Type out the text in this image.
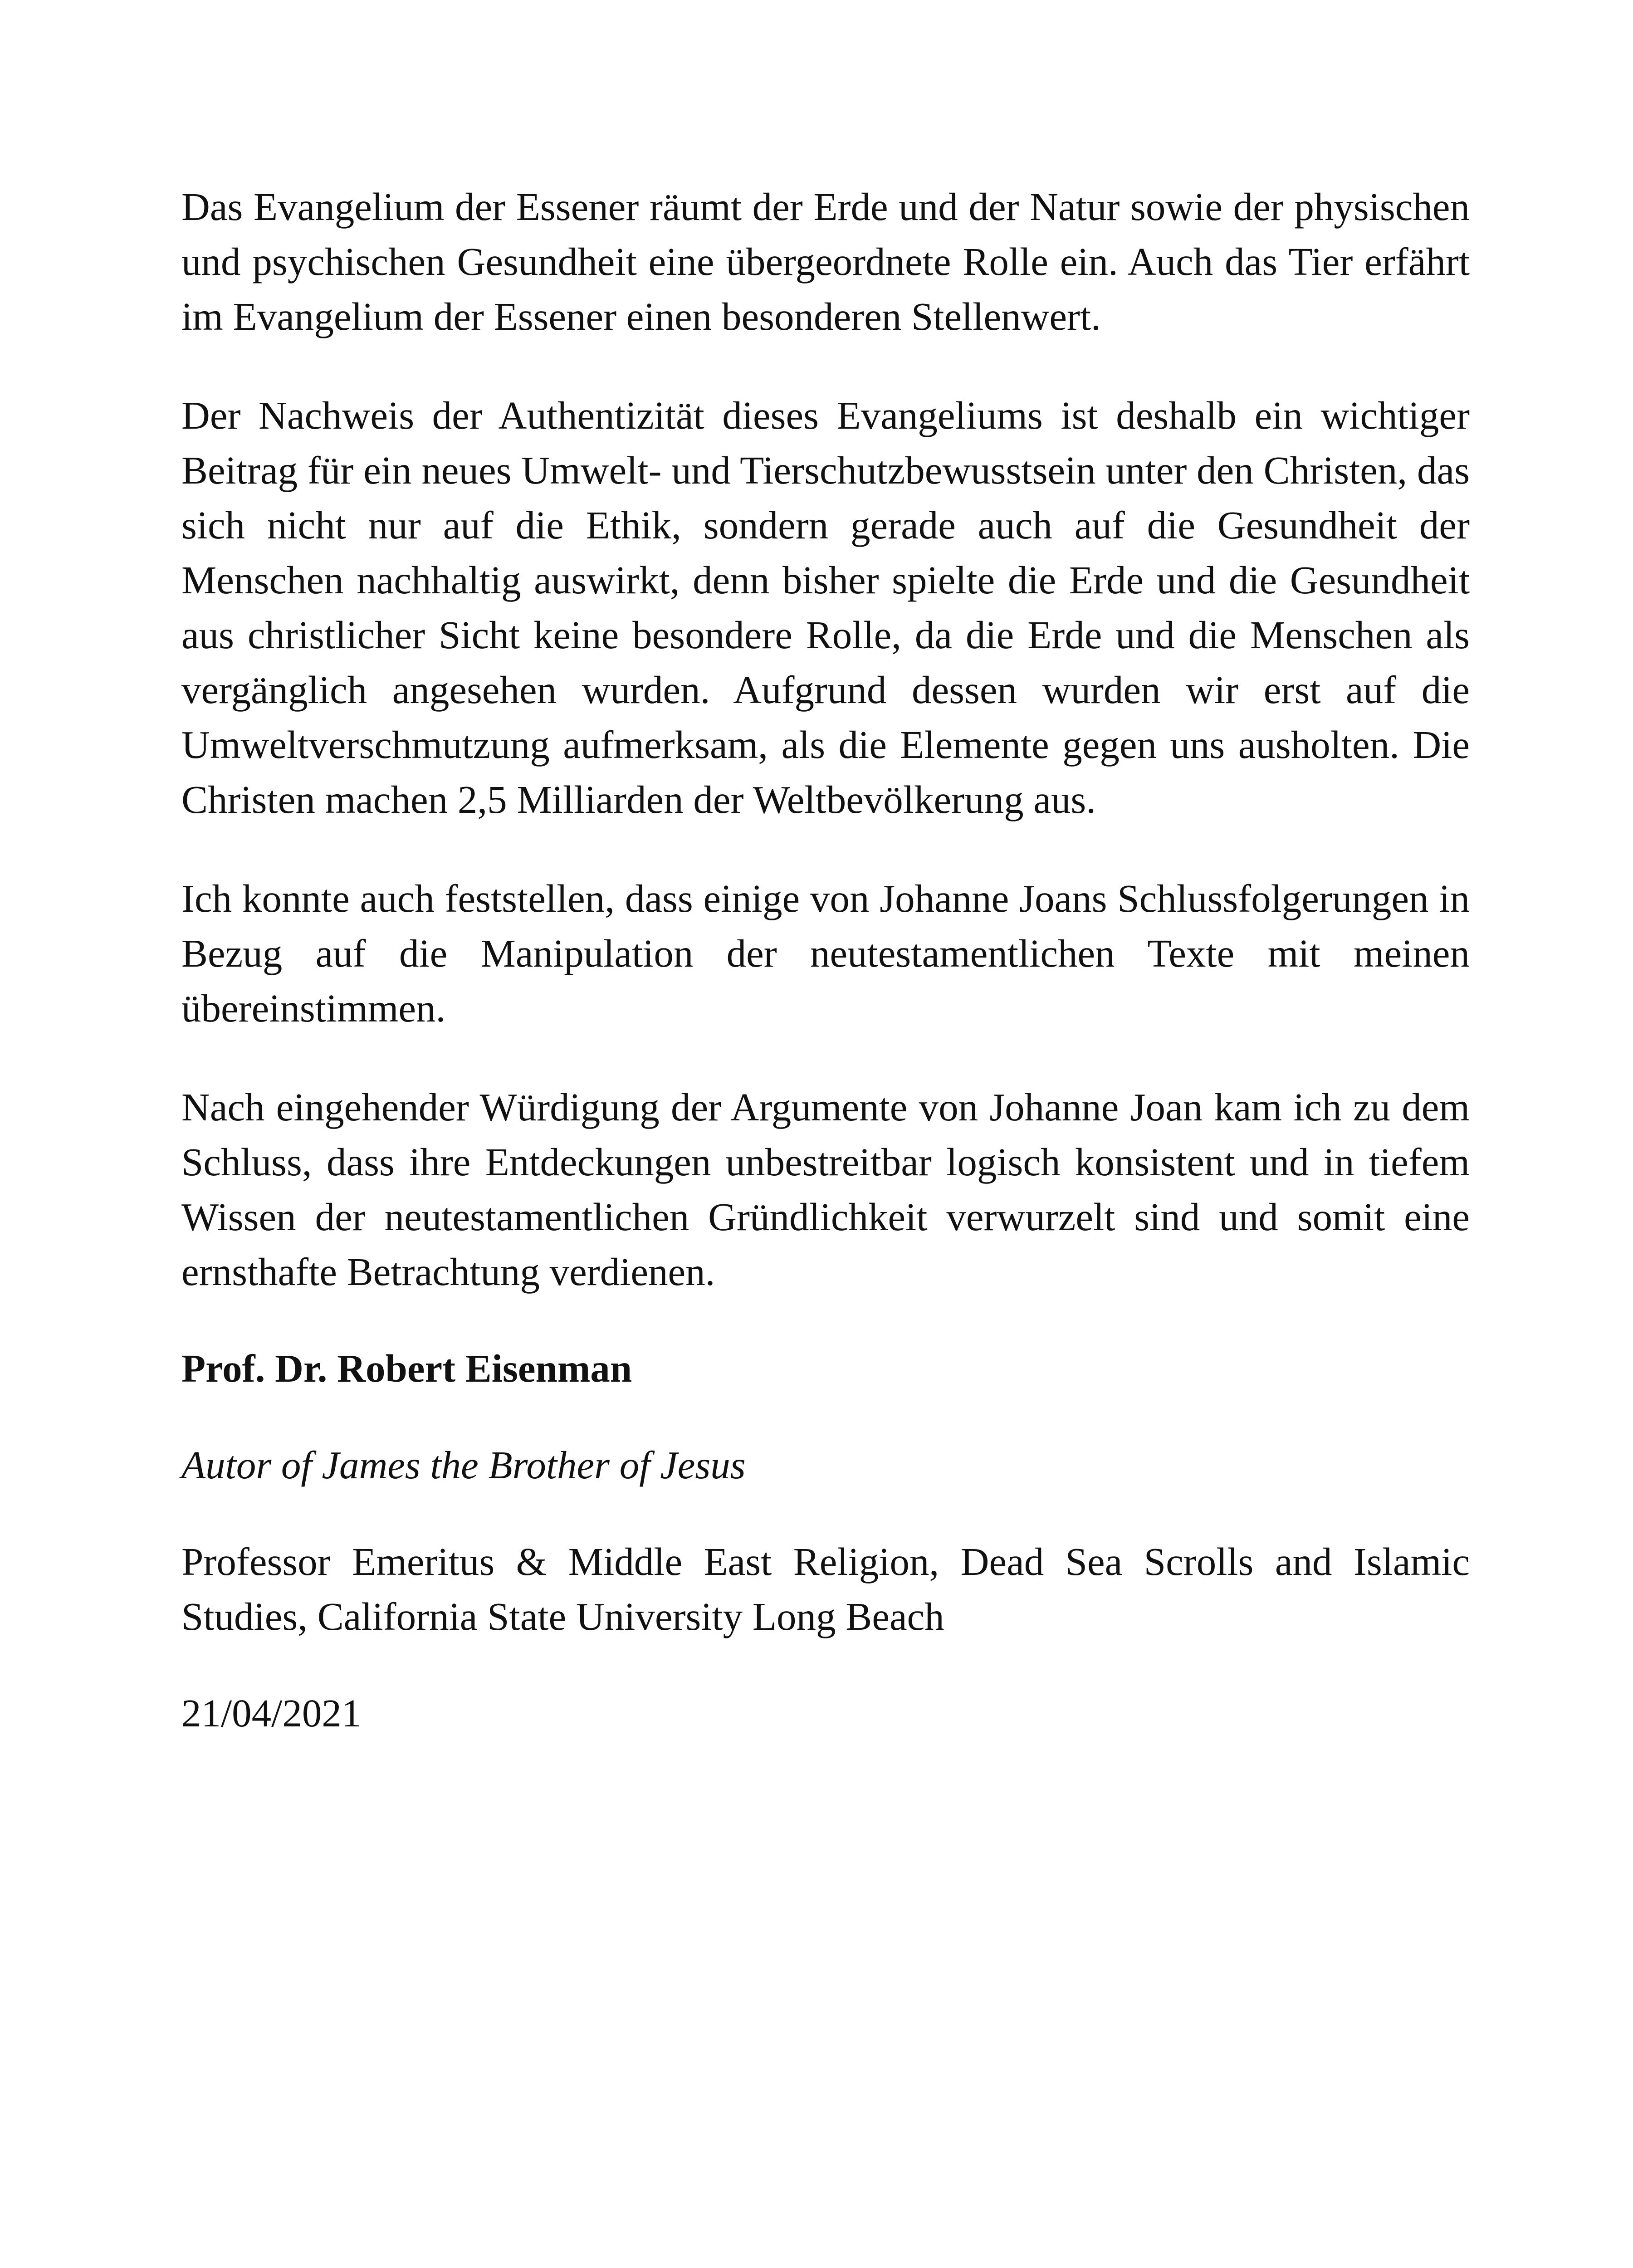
Das Evangelium der Essener räumt der Erde und der Natur sowie der physischen und psychischen Gesundheit eine übergeordnete Rolle ein. Auch das Tier erfährt im Evangelium der Essener einen besonderen Stellenwert.

Der Nachweis der Authentizität dieses Evangeliums ist deshalb ein wichtiger Beitrag für ein neues Umwelt- und Tierschutzbewusstsein unter den Christen, das sich nicht nur auf die Ethik, sondern gerade auch auf die Gesundheit der Menschen nachhaltig auswirkt, denn bisher spielte die Erde und die Gesundheit aus christlicher Sicht keine besondere Rolle, da die Erde und die Menschen als vergänglich angesehen wurden. Aufgrund dessen wurden wir erst auf die Umweltverschmutzung aufmerksam, als die Elemente gegen uns ausholten. Die Christen machen 2,5 Milliarden der Weltbevölkerung aus.

Ich konnte auch feststellen, dass einige von Johanne Joans Schlussfolgerungen in Bezug auf die Manipulation der neutestamentlichen Texte mit meinen übereinstimmen.

Nach eingehender Würdigung der Argumente von Johanne Joan kam ich zu dem Schluss, dass ihre Entdeckungen unbestreitbar logisch konsistent und in tiefem Wissen der neutestamentlichen Gründlichkeit verwurzelt sind und somit eine ernsthafte Betrachtung verdienen.

Prof. Dr. Robert Eisenman

Autor of James the Brother of Jesus

Professor Emeritus & Middle East Religion, Dead Sea Scrolls and Islamic Studies, California State University Long Beach

21/04/2021
